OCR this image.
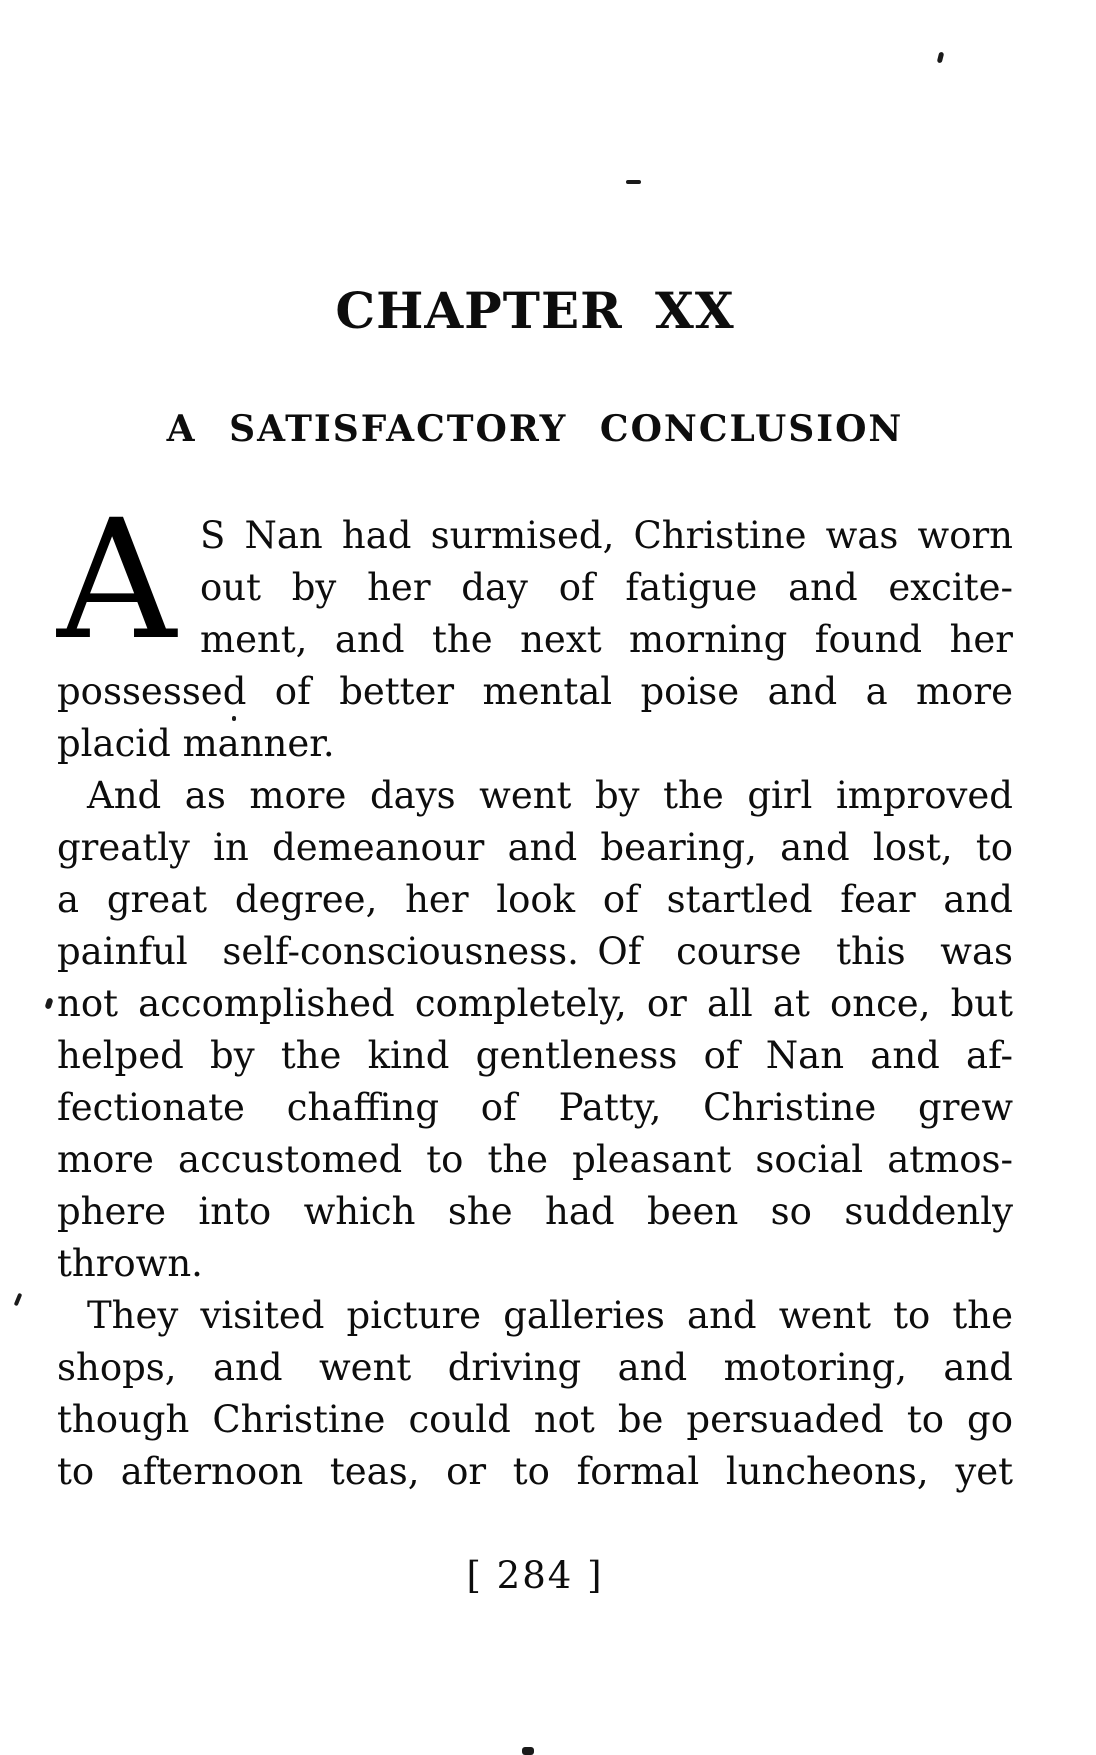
CHAPTER XX
A SATISFACTORY CONCLUSION
A S Nan had surmised, Christine was worn
out by her day of fatigue and excite-
ment, and the next morning found her
possessed of better mental poise and a more
placid manner.
And as more days went by the girl improved
greatly in demeanour and bearing, and lost, to
a great degree, her look of startled fear and
painful self-consciousness. Of course this was
not accomplished completely, or all at once, but
helped by the kind gentleness of Nan and af-
fectionate chaffing of Patty, Christine grew
more accustomed to the pleasant social atmos-
phere into which she had been so suddenly
thrown.
They visited picture galleries and went to the
shops, and went driving and motoring, and
though Christine could not be persuaded to go
to afternoon teas, or to formal luncheons, yet
[ 284 ]
